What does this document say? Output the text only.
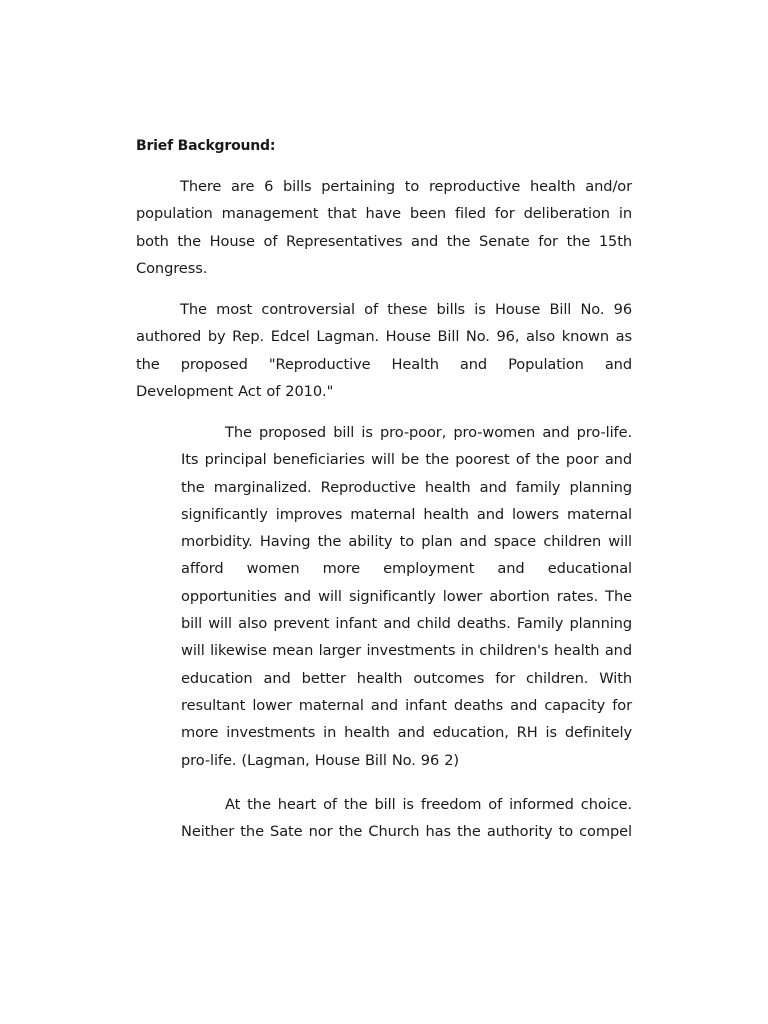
Brief Background:

There are 6 bills pertaining to reproductive health and/or population management that have been filed for deliberation in both the House of Representatives and the Senate for the 15th Congress.

The most controversial of these bills is House Bill No. 96 authored by Rep. Edcel Lagman. House Bill No. 96, also known as the proposed "Reproductive Health and Population and Development Act of 2010."

The proposed bill is pro-poor, pro-women and pro-life. Its principal beneficiaries will be the poorest of the poor and the marginalized. Reproductive health and family planning significantly improves maternal health and lowers maternal morbidity. Having the ability to plan and space children will afford women more employment and educational opportunities and will significantly lower abortion rates. The bill will also prevent infant and child deaths. Family planning will likewise mean larger investments in children's health and education and better health outcomes for children. With resultant lower maternal and infant deaths and capacity for more investments in health and education, RH is definitely pro-life. (Lagman, House Bill No. 96 2)

At the heart of the bill is freedom of informed choice. Neither the Sate nor the Church has the authority to compel
